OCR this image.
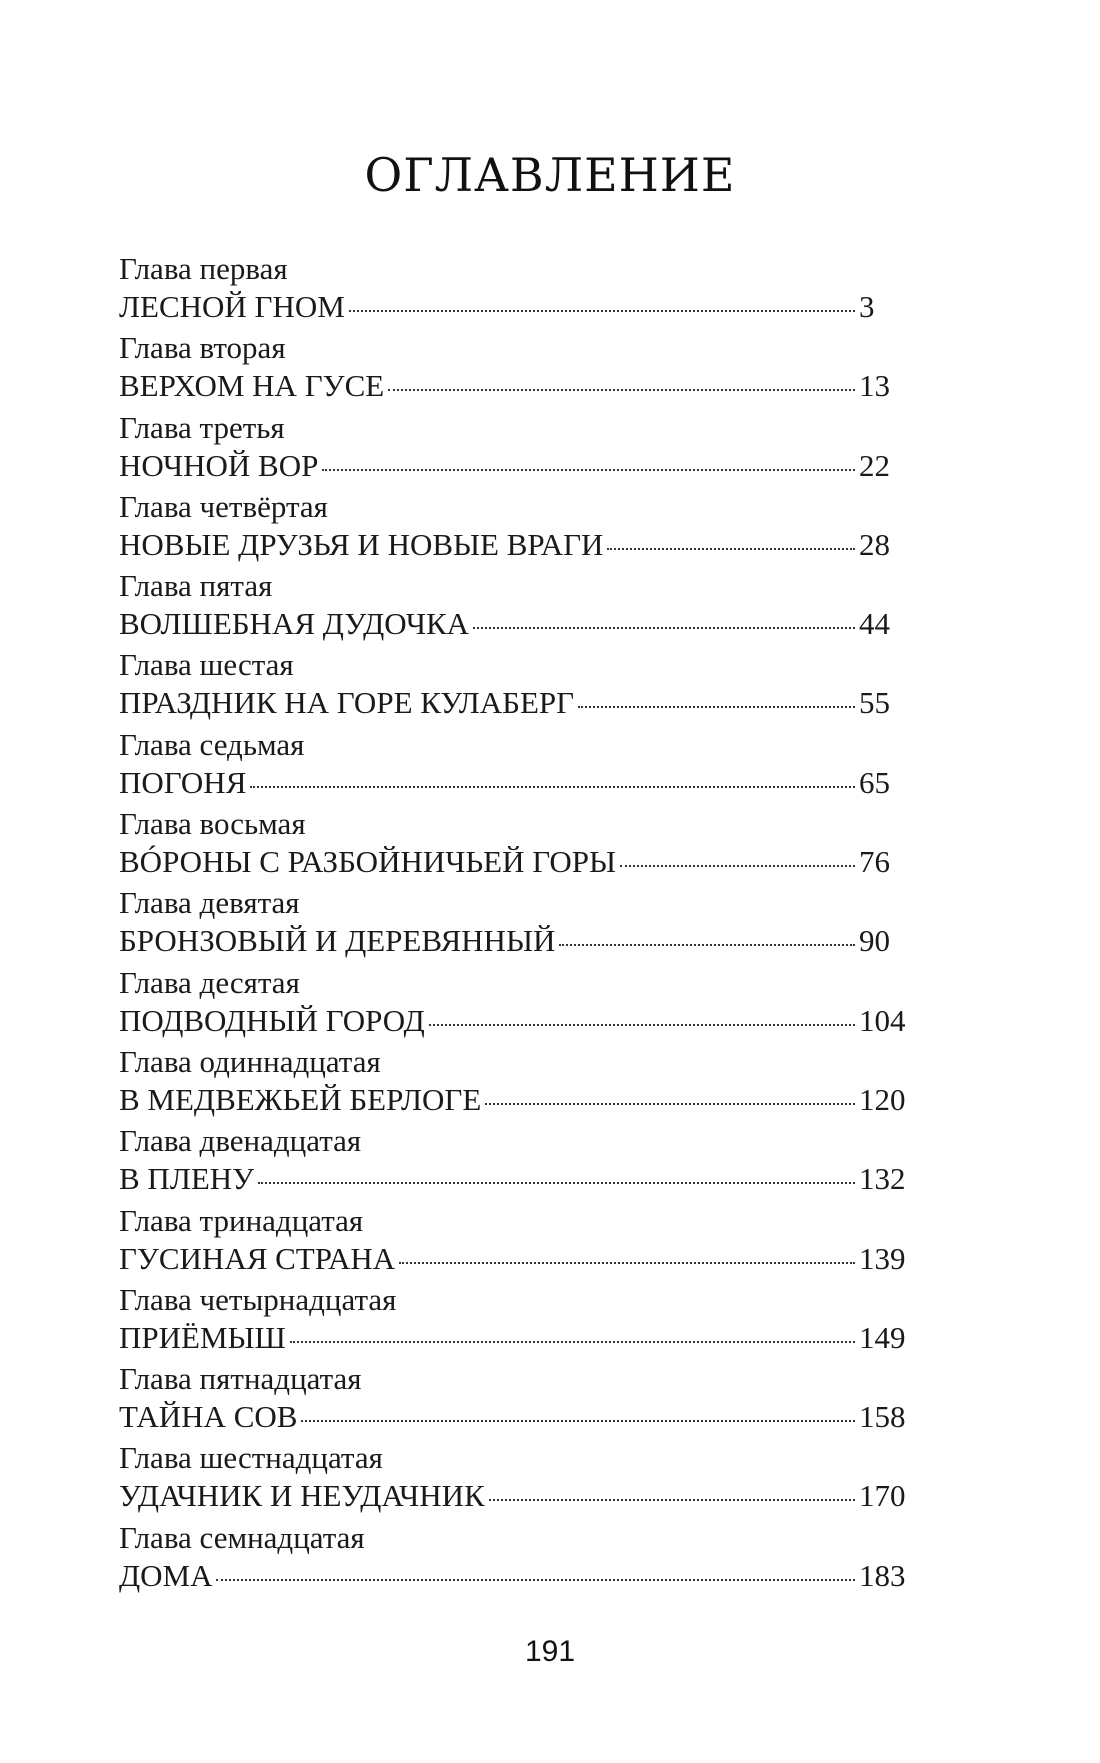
ОГЛАВЛЕНИЕ
Глава первая
ЛЕСНОЙ ГНОМ	3
Глава вторая
ВЕРХОМ НА ГУСЕ	13
Глава третья
НОЧНОЙ ВОР	22
Глава четвёртая
НОВЫЕ ДРУЗЬЯ И НОВЫЕ ВРАГИ	28
Глава пятая
ВОЛШЕБНАЯ ДУДОЧКА	44
Глава шестая
ПРАЗДНИК НА ГОРЕ КУЛАБЕРГ	55
Глава седьмая
ПОГОНЯ	65
Глава восьмая
ВÓРОНЫ С РАЗБОЙНИЧЬЕЙ ГОРЫ	76
Глава девятая
БРОНЗОВЫЙ И ДЕРЕВЯННЫЙ	90
Глава десятая
ПОДВОДНЫЙ ГОРОД	104
Глава одиннадцатая
В МЕДВЕЖЬЕЙ БЕРЛОГЕ	120
Глава двенадцатая
В ПЛЕНУ	132
Глава тринадцатая
ГУСИНАЯ СТРАНА	139
Глава четырнадцатая
ПРИЁМЫШ	149
Глава пятнадцатая
ТАЙНА СОВ	158
Глава шестнадцатая
УДАЧНИК И НЕУДАЧНИК	170
Глава семнадцатая
ДОМА	183
191
